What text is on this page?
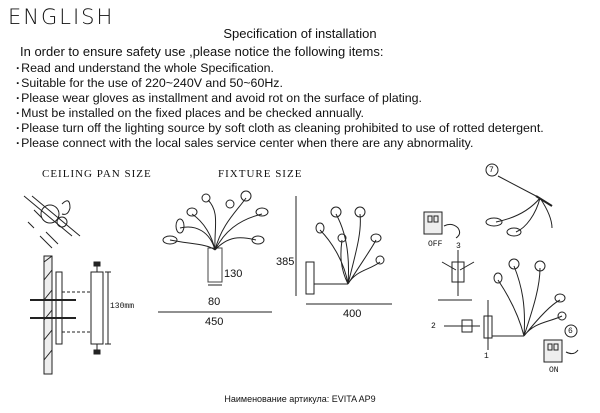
ENGLISH
Specification of installation
In order to ensure safety use ,please notice the following items:
· Read and understand the whole Specification.
· Suitable for the use of 220~240V and 50~60Hz.
· Please wear gloves as installment and avoid rot on the surface of plating.
· Must be installed on the fixed places and be checked annually.
· Please turn off the lighting source by soft cloth as cleaning prohibited to use of rotted detergent.
· Please connect with the local sales service center when there are any abnormality.
CEILING PAN SIZE	FIXTURE SIZE
130mm
130
80
450
385
400
7
3
2
1
6
OFF
ON
Наименование артикула: EVITA AP9
